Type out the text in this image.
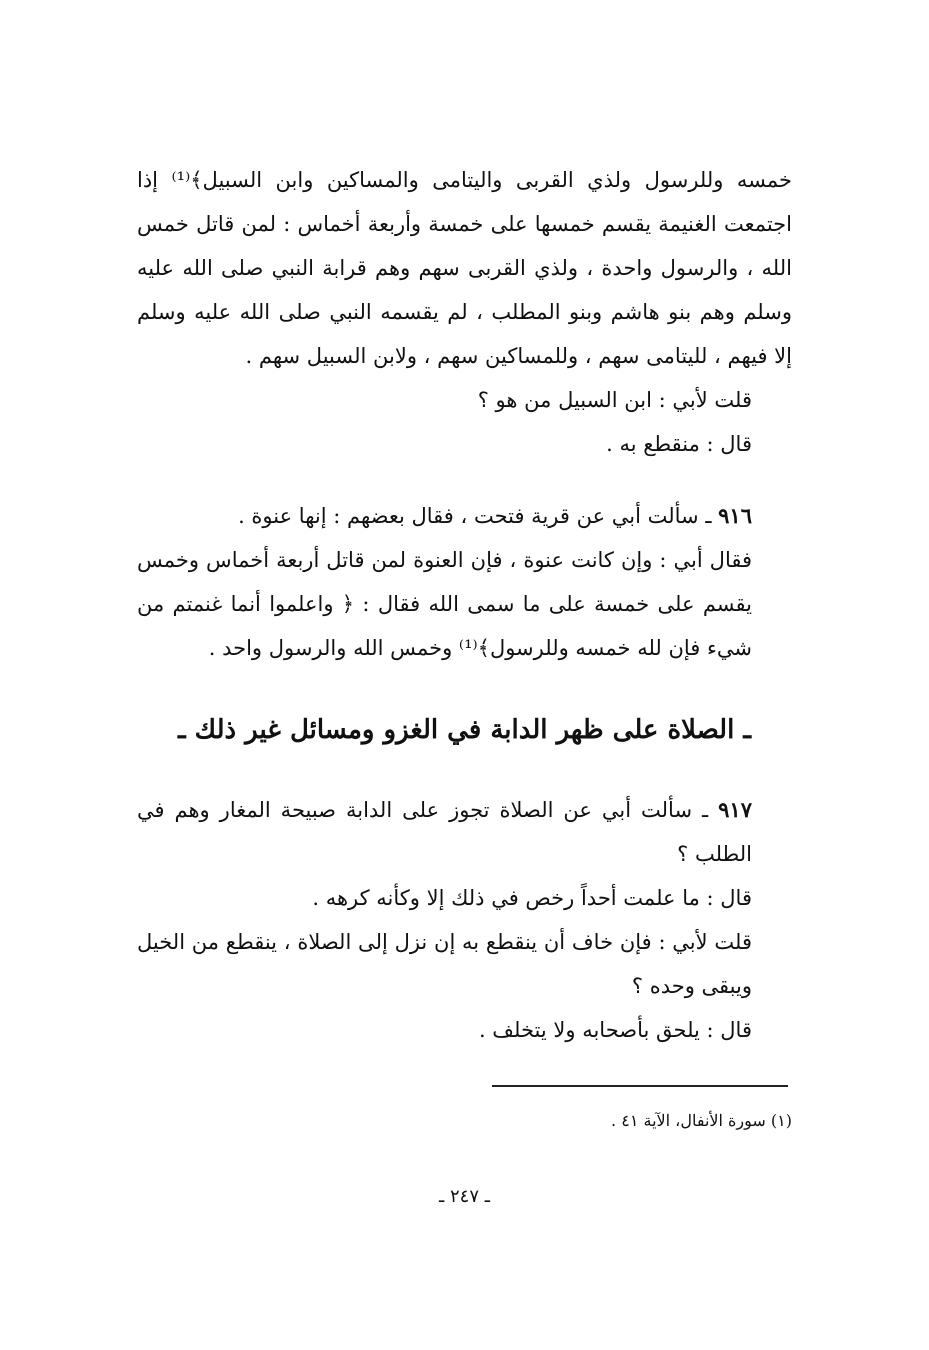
خمسه وللرسول ولذي القربى واليتامى والمساكين وابن السبيل﴾⁽¹⁾ إذا اجتمعت الغنيمة يقسم خمسها على خمسة وأربعة أخماس : لمن قاتل خمس الله ، والرسول واحدة ، ولذي القربى سهم وهم قرابة النبي صلى الله عليه وسلم وهم بنو هاشم وبنو المطلب ، لم يقسمه النبي صلى الله عليه وسلم إلا فيهم ، لليتامى سهم ، وللمساكين سهم ، ولابن السبيل سهم .

قلت لأبي : ابن السبيل من هو ؟

قال : منقطع به .

٩١٦ ـ سألت أبي عن قرية فتحت ، فقال بعضهم : إنها عنوة .

فقال أبي : وإن كانت عنوة ، فإن العنوة لمن قاتل أربعة أخماس وخمس يقسم على خمسة على ما سمى الله فقال : ﴿ واعلموا أنما غنمتم من شيء فإن لله خمسه وللرسول﴾⁽¹⁾ وخمس الله والرسول واحد .

ـ الصلاة على ظهر الدابة في الغزو ومسائل غير ذلك ـ

٩١٧ ـ سألت أبي عن الصلاة تجوز على الدابة صبيحة المغار وهم في الطلب ؟

قال : ما علمت أحداً رخص في ذلك إلا وكأنه كرهه .

قلت لأبي : فإن خاف أن ينقطع به إن نزل إلى الصلاة ، ينقطع من الخيل ويبقى وحده ؟

قال : يلحق بأصحابه ولا يتخلف .

(١) سورة الأنفال، الآية ٤١ .
ـ ٢٤٧ ـ
